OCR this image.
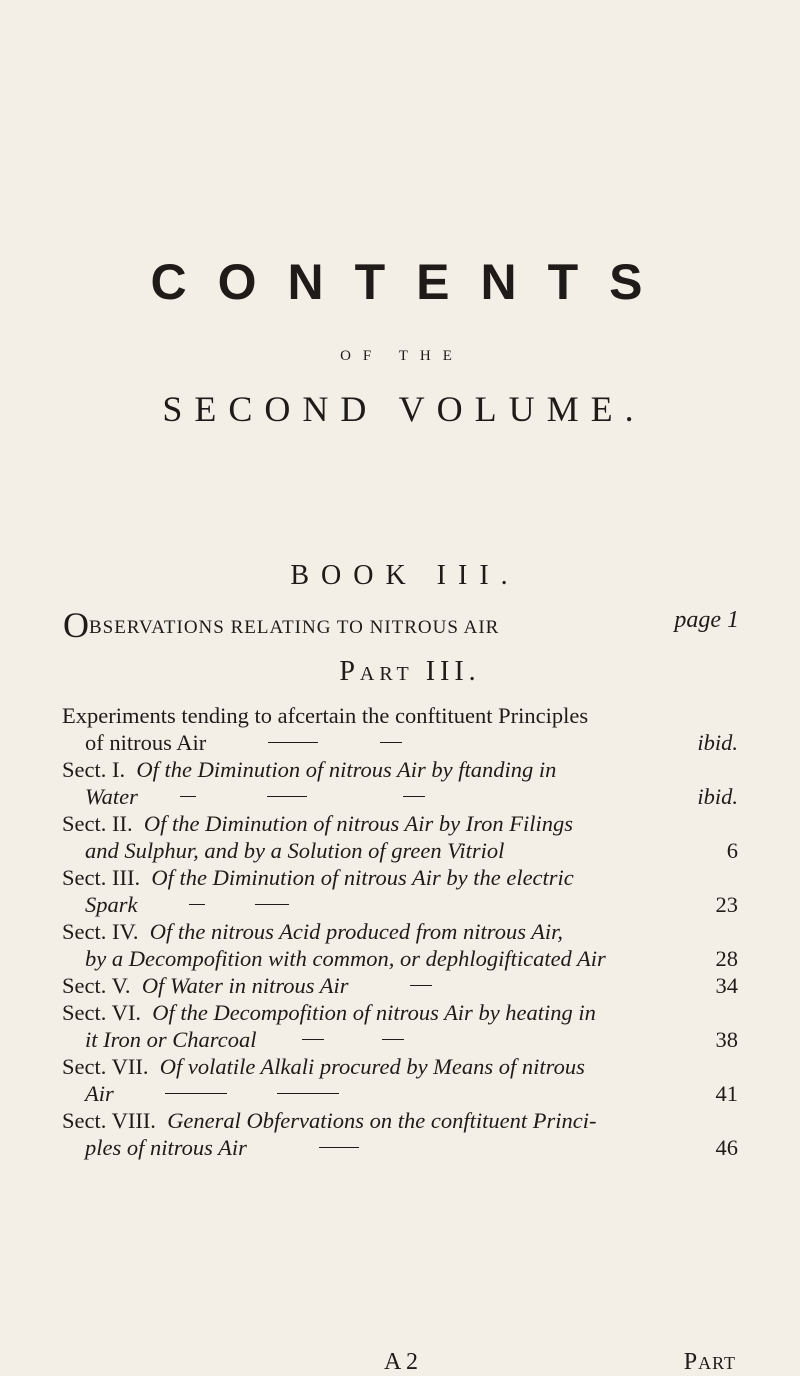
CONTENTS
OF THE
SECOND VOLUME.
BOOK III.
OBSERVATIONS RELATING TO NITROUS AIR	page 1
PART III.
Experiments tending to afcertain the conftituent Principles
of nitrous Air	ibid.
Sect. I. Of the Diminution of nitrous Air by ftanding in
Water	ibid.
Sect. II. Of the Diminution of nitrous Air by Iron Filings
and Sulphur, and by a Solution of green Vitriol	6
Sect. III. Of the Diminution of nitrous Air by the electric
Spark	23
Sect. IV. Of the nitrous Acid produced from nitrous Air,
by a Decompofition with common, or dephlogifticated Air	28
Sect. V. Of Water in nitrous Air	34
Sect. VI. Of the Decompofition of nitrous Air by heating in
it Iron or Charcoal	38
Sect. VII. Of volatile Alkali procured by Means of nitrous
Air	41
Sect. VIII. General Obfervations on the conftituent Princi-
ples of nitrous Air	46
A 2	PART
